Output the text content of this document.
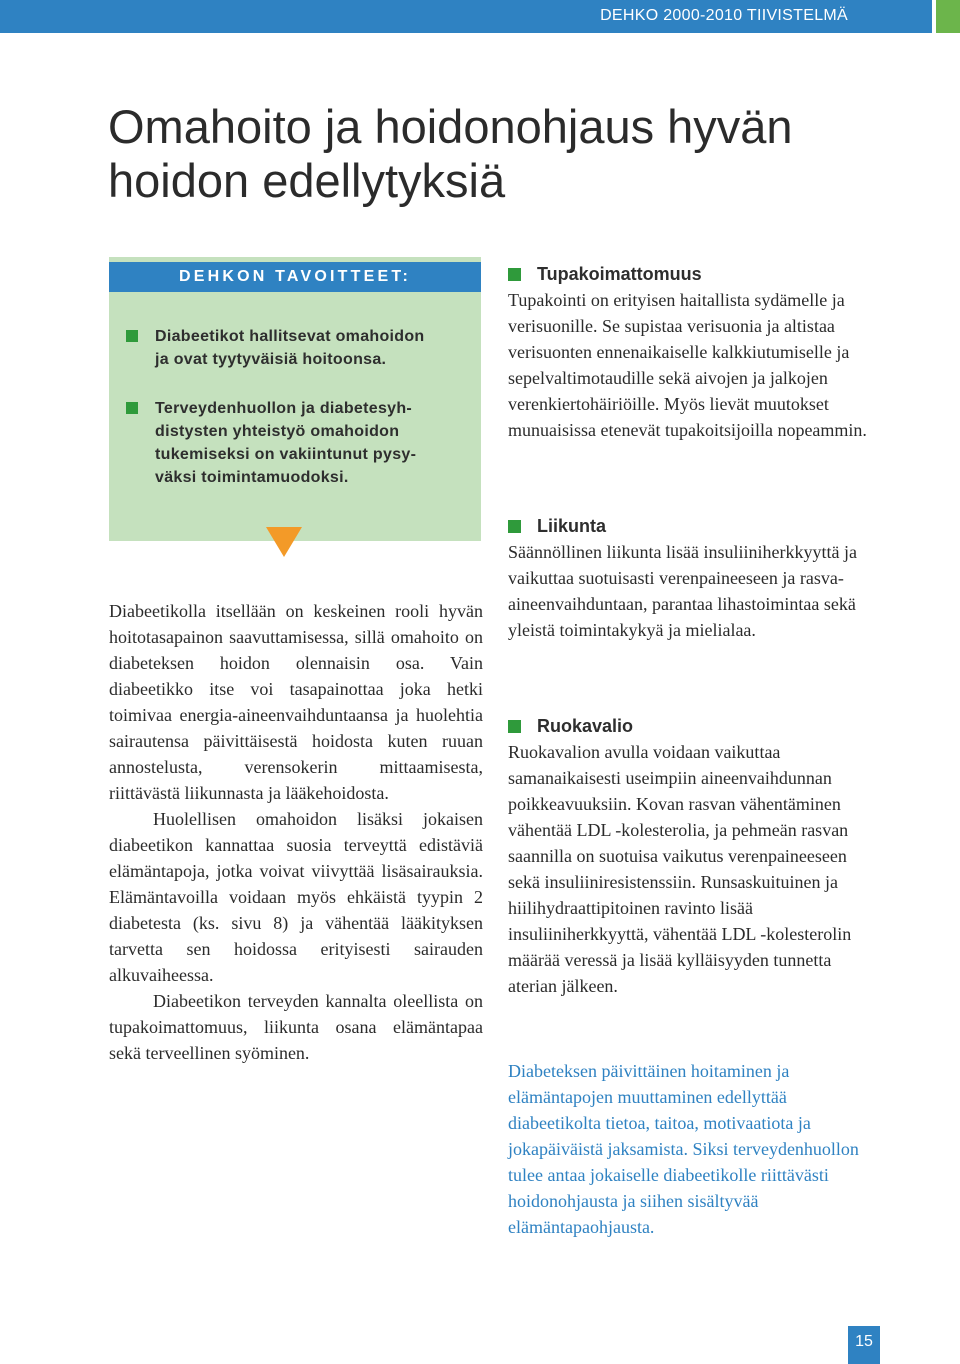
DEHKO 2000-2010 TIIVISTELMÄ
Omahoito ja hoidonohjaus hyvän
hoidon edellytyksiä
DEHKON TAVOITTEET:
Diabeetikot hallitsevat omahoidon
ja ovat tyytyväisiä hoitoonsa.
Terveydenhuollon ja diabetesyh-
distysten yhteistyö omahoidon
tukemiseksi on vakiintunut pysy-
väksi toimintamuodoksi.

Diabeetikolla itsellään on keskeinen rooli hyvän hoitotasapainon saavuttamisessa, sillä omahoito on diabeteksen hoidon olennaisin osa. Vain diabeetikko itse voi tasapainottaa joka hetki toimivaa energia-aineenvaihduntaansa ja huolehtia sairautensa päivittäisestä hoidosta kuten ruuan annostelusta, verensokerin mittaamisesta, riittävästä liikunnasta ja lääkehoidosta.

Huolellisen omahoidon lisäksi jokaisen diabeetikon kannattaa suosia terveyttä edistäviä elämäntapoja, jotka voivat viivyttää lisäsairauksia. Elämäntavoilla voidaan myös ehkäistä tyypin 2 diabetesta (ks. sivu 8) ja vähentää lääkityksen tarvetta sen hoidossa erityisesti sairauden alkuvaiheessa.

Diabeetikon terveyden kannalta oleellista on tupakoimattomuus, liikunta osana elämäntapaa sekä terveellinen syöminen.

Tupakoimattomuus

Tupakointi on erityisen haitallista sydämelle ja verisuonille. Se supistaa verisuonia ja altistaa verisuonten ennenaikaiselle kalkkiutumiselle ja sepelvaltimotaudille sekä aivojen ja jalkojen verenkiertohäiriöille. Myös lievät muutokset munuaisissa etenevät tupakoitsijoilla nopeammin.

Liikunta

Säännöllinen liikunta lisää insuliiniherkkyyttä ja vaikuttaa suotuisasti verenpaineeseen ja rasva-aineenvaihduntaan, parantaa lihastoimintaa sekä yleistä toimintakykyä ja mielialaa.

Ruokavalio

Ruokavalion avulla voidaan vaikuttaa samanaikaisesti useimpiin aineenvaihdunnan poikkeavuuksiin. Kovan rasvan vähentäminen vähentää LDL -kolesterolia, ja pehmeän rasvan saannilla on suotuisa vaikutus verenpaineeseen sekä insuliiniresistenssiin. Runsaskuituinen ja hiilihydraattipitoinen ravinto lisää insuliiniherkkyyttä, vähentää LDL -kolesterolin määrää veressä ja lisää kylläisyyden tunnetta aterian jälkeen.

Diabeteksen päivittäinen hoitaminen ja elämäntapojen muuttaminen edellyttää diabeetikolta tietoa, taitoa, motivaatiota ja jokapäiväistä jaksamista. Siksi terveydenhuollon tulee antaa jokaiselle diabeetikolle riittävästi hoidonohjausta ja siihen sisältyvää elämäntapaohjausta.

15
